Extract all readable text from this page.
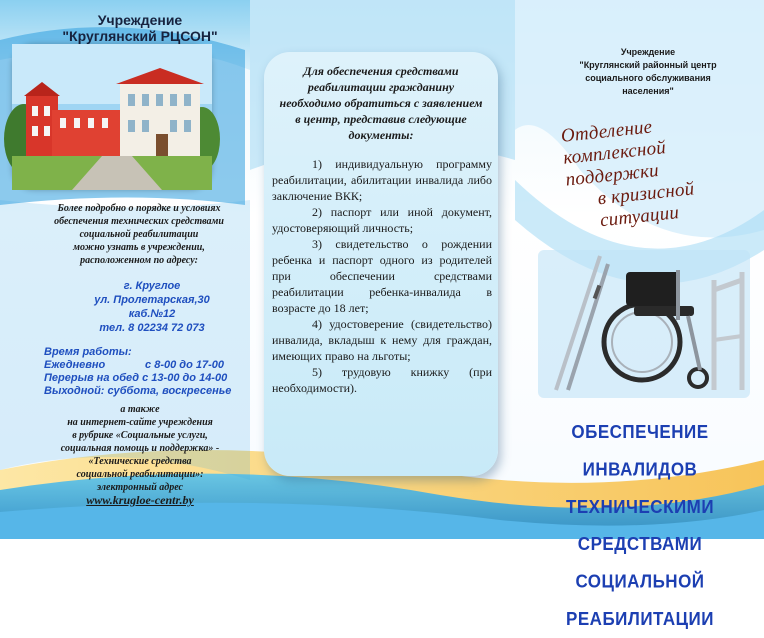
Учреждение
"Круглянский РЦСОН"
Более подробно о порядке и условиях
обеспечения технических средствами
социальной реабилитации
можно узнать в учреждении,
расположенном по адресу:
г. Круглое
ул. Пролетарская,30
каб.№12
тел. 8 02234 72 073
Время работы:
Ежедневно	с 8-00 до 17-00
Перерыв на обед с 13-00 до 14-00
Выходной: суббота, воскресенье
а также
на интернет-сайте учреждения
в рубрике «Социальные услуги,
социальная помощь и поддержка» -
«Технические средства
социальной реабилитации»:
электронный адрес
www.krugloe-centr.by
Для обеспечения средствами реабилитации гражданину необходимо обратиться с заявлением в центр, представив следующие документы:
1) индивидуальную программу реабилитации, абилитации инвалида либо заключение ВКК;
2) паспорт или иной документ, удостоверяющий личность;
3) свидетельство о рождении ребенка и паспорт одного из родителей при обеспечении средствами реабилитации ребенка-инвалида в возрасте до 18 лет;
4) удостоверение (свидетельство) инвалида, вкладыш к нему для граждан, имеющих право на льготы;
5) трудовую книжку (при необходимости).
Учреждение
"Круглянский районный центр
социального обслуживания населения"
Отделение комплексной поддержки
в кризисной ситуации
ОБЕСПЕЧЕНИЕ ИНВАЛИДОВ
ТЕХНИЧЕСКИМИ СРЕДСТВАМИ
СОЦИАЛЬНОЙ РЕАБИЛИТАЦИИ
